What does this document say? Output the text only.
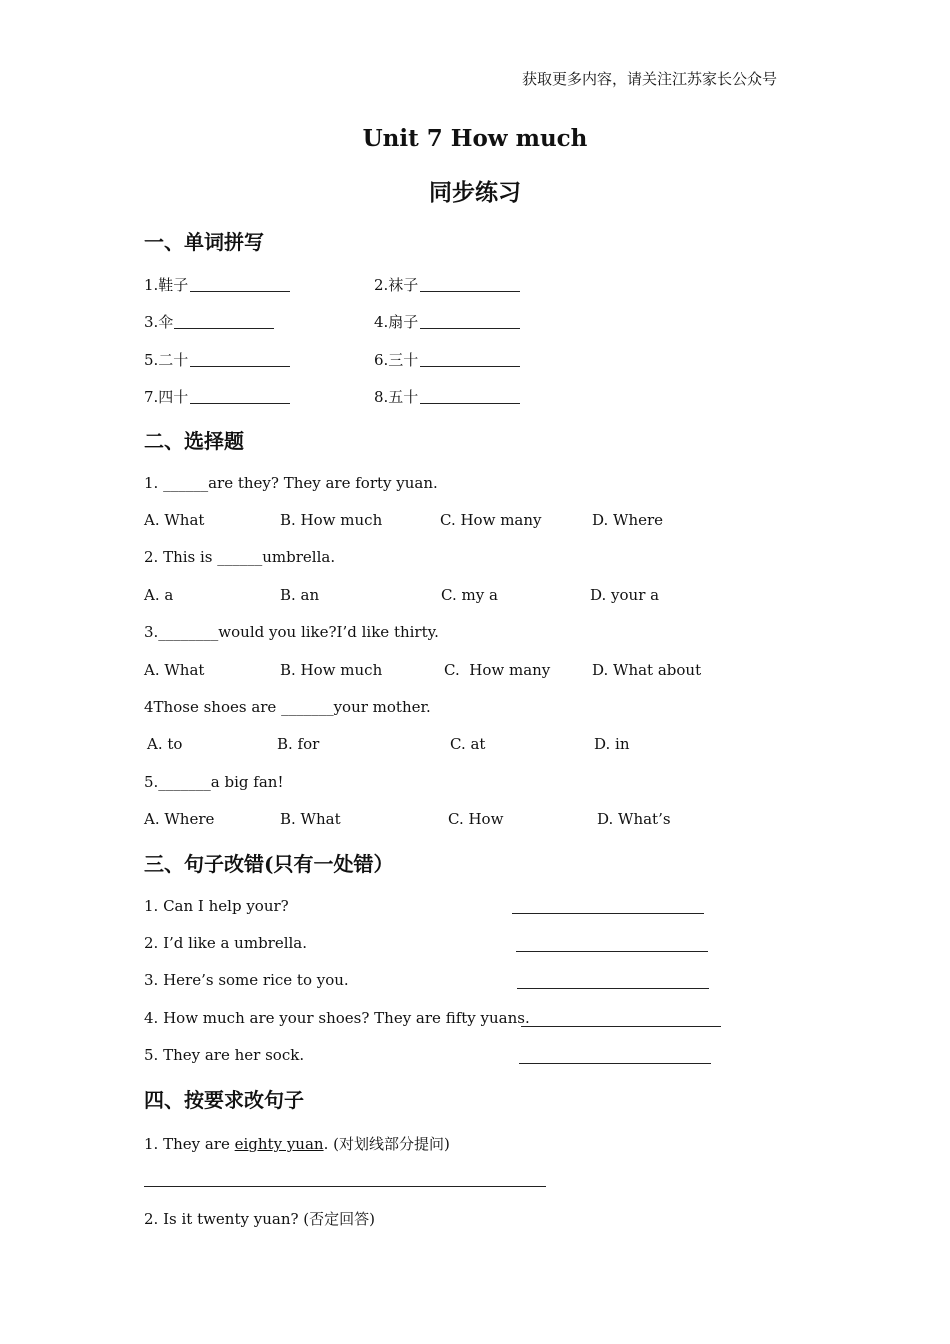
获取更多内容，请关注江苏家长公众号
Unit 7 How much
同步练习
一、单词拼写
1.鞋子	2.袜子
3.伞	4.扇子
5.二十	6.三十
7.四十	8.五十
二、选择题
1. ______are they? They are forty yuan.
A. What	B. How much	C. How many	D. Where
2. This is ______umbrella.
A. a	B. an	C. my a	D. your a
3.________would you like?I’d like thirty.
A. What	B. How much	C.  How many	D. What about
4Those shoes are _______your mother.
A. to	B. for	C. at	D. in
5._______a big fan!
A. Where	B. What	C. How	D. What’s
三、句子改错(只有一处错）
1. Can I help your?
2. I’d like a umbrella.
3. Here’s some rice to you.
4. How much are your shoes? They are fifty yuans.
5. They are her sock.
四、按要求改句子
1. They are eighty yuan. (对划线部分提问)
2. Is it twenty yuan? (否定回答)
